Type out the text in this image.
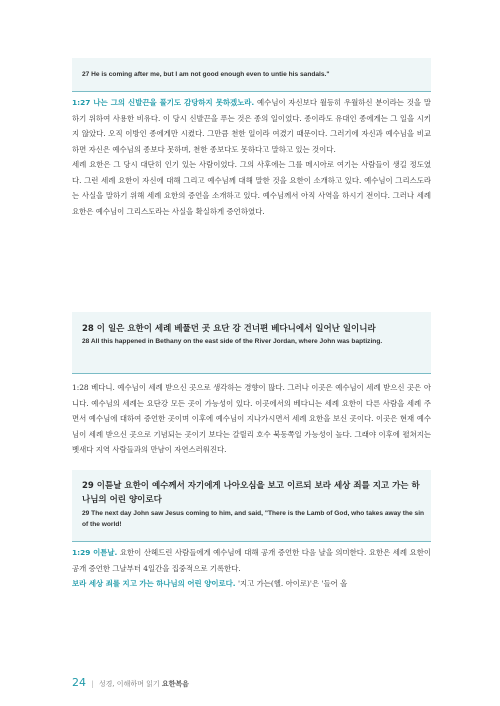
27 He is coming after me, but I am not good enough even to untie his sandals."

1:27 나는 그의 신발끈을 풀기도 감당하지 못하겠노라. 예수님이 자신보다 월등히 우월하신 분이라는 것을 말하기 위하여 사용한 비유다. 이 당시 신발끈을 푸는 것은 종의 일이었다. 종이라도 유대인 종에게는 그 일을 시키지 않았다. 오직 이방인 종에게만 시켰다. 그만큼 천한 일이라 여겼기 때문이다. 그러기에 자신과 예수님을 비교하면 자신은 예수님의 종보다 못하며, 천한 종보다도 못하다고 말하고 있는 것이다.
세례 요한은 그 당시 대단히 인기 있는 사람이었다. 그의 사후에는 그를 메시아로 여기는 사람들이 생길 정도였다. 그런 세례 요한이 자신에 대해 그리고 예수님께 대해 말한 것을 요한이 소개하고 있다. 예수님이 그리스도라는 사실을 말하기 위해 세례 요한의 증언을 소개하고 있다. 예수님께서 아직 사역을 하시기 전이다. 그러나 세례 요한은 예수님이 그리스도라는 사실을 확실하게 증언하였다.

28 이 일은 요한이 세례 베풀던 곳 요단 강 건너편 베다니에서 일어난 일이니라
28 All this happened in Bethany on the east side of the River Jordan, where John was baptizing.

1:28 베다니. 예수님이 세례 받으신 곳으로 생각하는 경향이 많다. 그러나 이곳은 예수님이 세례 받으신 곳은 아니다. 예수님의 세례는 요단강 모든 곳이 가능성이 있다. 이곳에서의 베다니는 세례 요한이 다른 사람을 세례 주면서 예수님에 대하여 증언한 곳이며 이후에 예수님이 지나가시면서 세례 요한을 보신 곳이다. 이곳은 현재 예수님이 세례 받으신 곳으로 기념되는 곳이기 보다는 갈릴리 호수 북동쪽일 가능성이 높다. 그래야 이후에 펼쳐지는 벳새다 지역 사람들과의 만남이 자연스러워진다.

29 이튿날 요한이 예수께서 자기에게 나아오심을 보고 이르되 보라 세상 죄를 지고 가는 하나님의 어린 양이로다
29 The next day John saw Jesus coming to him, and said, "There is the Lamb of God, who takes away the sin of the world!

1:29 이튿날. 요한이 산헤드린 사람들에게 예수님에 대해 공개 증언한 다음 날을 의미한다. 요한은 세례 요한이 공개 증언한 그날부터 4일간을 집중적으로 기록한다.
보라 세상 죄를 지고 가는 하나님의 어린 양이로다. '지고 가는(헬. 아이로)'은 '들어 올

24 | 성경, 이해하며 읽기 요한복음
